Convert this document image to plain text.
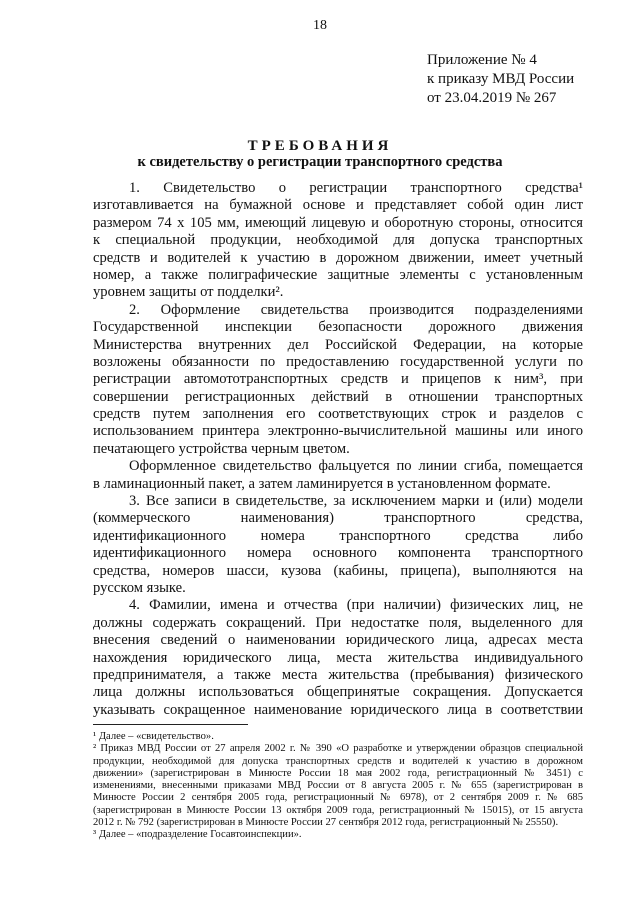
18
Приложение № 4
к приказу МВД России
от 23.04.2019 № 267
ТРЕБОВАНИЯ
к свидетельству о регистрации транспортного средства
1. Свидетельство о регистрации транспортного средства¹
изготавливается на бумажной основе и представляет собой один лист
размером 74 х 105 мм, имеющий лицевую и оборотную стороны, относится
к специальной продукции, необходимой для допуска транспортных
средств и водителей к участию в дорожном движении, имеет учетный
номер, а также полиграфические защитные элементы с установленным
уровнем защиты от подделки².
2. Оформление свидетельства производится подразделениями
Государственной инспекции безопасности дорожного движения
Министерства внутренних дел Российской Федерации, на которые
возложены обязанности по предоставлению государственной услуги по
регистрации автомототранспортных средств и прицепов к ним³, при
совершении регистрационных действий в отношении транспортных
средств путем заполнения его соответствующих строк и разделов с
использованием принтера электронно-вычислительной машины или иного
печатающего устройства черным цветом.
Оформленное свидетельство фальцуется по линии сгиба, помещается
в ламинационный пакет, а затем ламинируется в установленном формате.
3. Все записи в свидетельстве, за исключением марки и (или) модели
(коммерческого наименования) транспортного средства,
идентификационного номера транспортного средства либо
идентификационного номера основного компонента транспортного
средства, номеров шасси, кузова (кабины, прицепа), выполняются на
русском языке.
4. Фамилии, имена и отчества (при наличии) физических лиц, не
должны содержать сокращений. При недостатке поля, выделенного для
внесения сведений о наименовании юридического лица, адресах места
нахождения юридического лица, места жительства индивидуального
предпринимателя, а также места жительства (пребывания) физического
лица должны использоваться общепринятые сокращения. Допускается
указывать сокращенное наименование юридического лица в соответствии
¹ Далее – «свидетельство».
² Приказ МВД России от 27 апреля 2002 г. № 390 «О разработке и утверждении образцов специальной
продукции, необходимой для допуска транспортных средств и водителей к участию в дорожном
движении» (зарегистрирован в Минюсте России 18 мая 2002 года, регистрационный № 3451) с
изменениями, внесенными приказами МВД России от 8 августа 2005 г. № 655 (зарегистрирован в
Минюсте России 2 сентября 2005 года, регистрационный № 6978), от 2 сентября 2009 г. № 685
(зарегистрирован в Минюсте России 13 октября 2009 года, регистрационный № 15015), от 15 августа
2012 г. № 792 (зарегистрирован в Минюсте России 27 сентября 2012 года, регистрационный № 25550).
³ Далее – «подразделение Госавтоинспекции».
